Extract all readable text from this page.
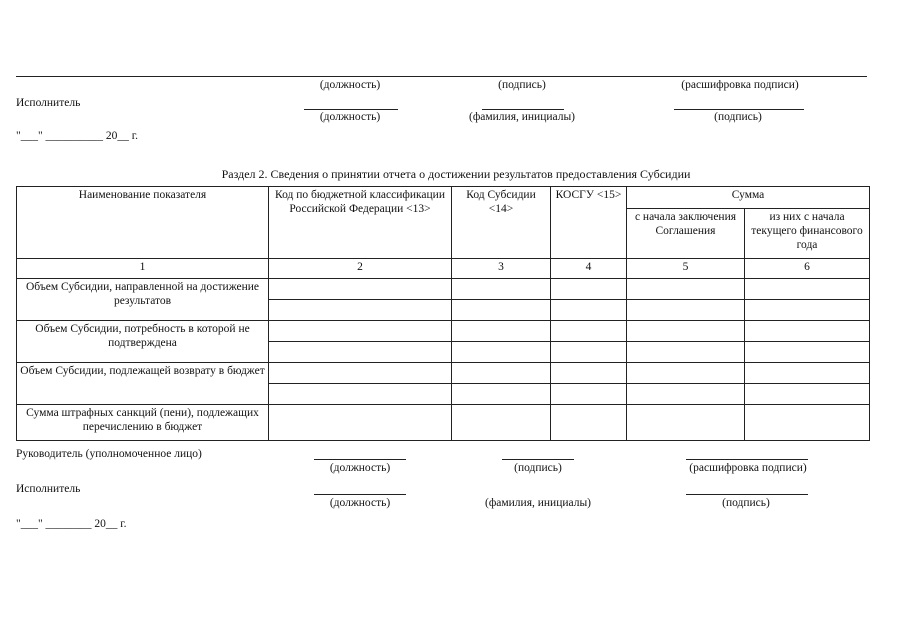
(должность)	(подпись)	(расшифровка подписи)
Исполнитель
(должность)	(фамилия, инициалы)	(подпись)
"___" __________ 20__ г.
Раздел 2. Сведения о принятии отчета о достижении результатов предоставления Субсидии
Наименование показателя	Код по бюджетной классификации Российской Федерации <13>	Код Субсидии <14>	КОСГУ <15>	Сумма	
				с начала заключения Соглашения	из них с начала текущего финансового года
1	2	3	4	5	6
Объем Субсидии, направленной на достижение результатов					

Объем Субсидии, потребность в которой не подтверждена					

Объем Субсидии, подлежащей возврату в бюджет					

Сумма штрафных санкций (пени), подлежащих перечислению в бюджет					
Руководитель (уполномоченное лицо)
(должность)	(подпись)	(расшифровка подписи)
Исполнитель
(должность)	(фамилия, инициалы)	(подпись)
"___" ________ 20__ г.
